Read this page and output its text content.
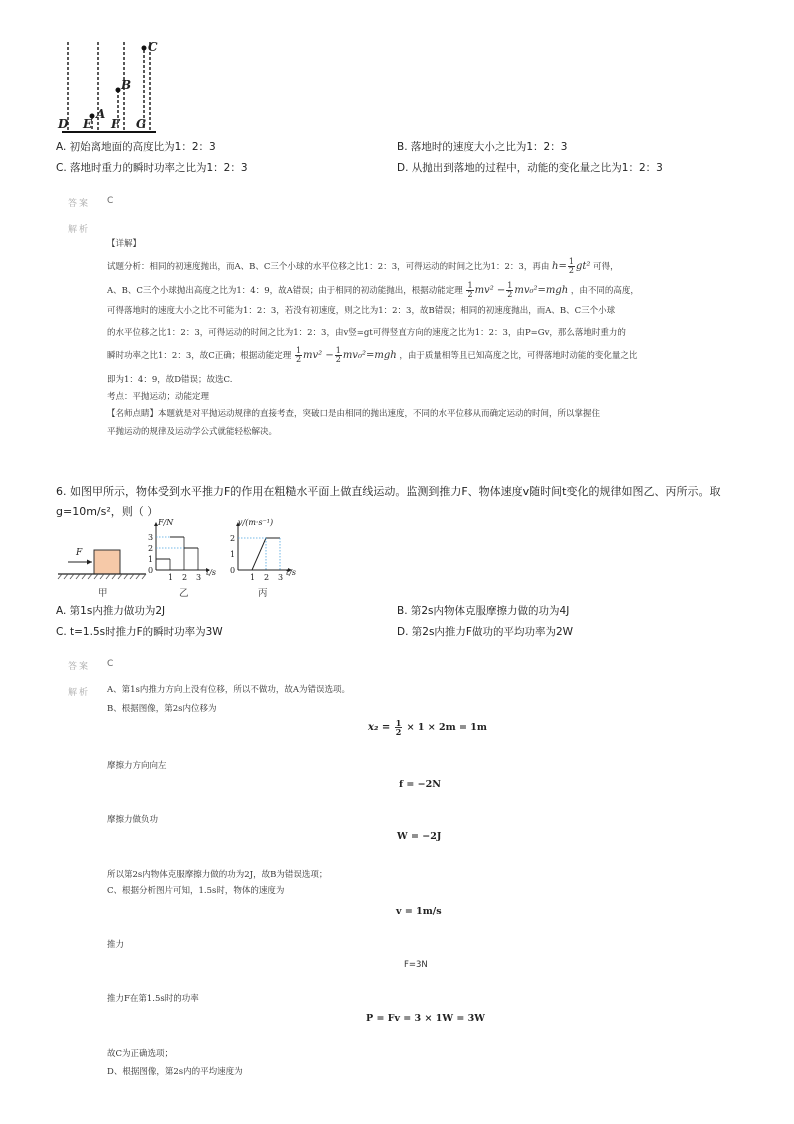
C
B
A
D E F G
A. 初始离地面的高度比为1：2：3	B. 落地时的速度大小之比为1：2：3
C. 落地时重力的瞬时功率之比为1：2：3	D. 从抛出到落地的过程中，动能的变化量之比为1：2：3
答案 C
解析
【详解】
试题分析：相同的初速度抛出，而A、B、C三个小球的水平位移之比1：2：3，可得运动的时间之比为1：2：3，再由 $h= \frac{1}{2} gt^2$ 可得，
A、B、C三个小球抛出高度之比为1：4：9，故A错误；由于相同的初动能抛出，根据动能定理 $\frac{1}{2} mv^2 - \frac{1}{2} mv_0^2=mgh$ ，由不同的高度，
可得落地时的速度大小之比不可能为1：2：3，若没有初速度，则之比为1：2：3，故B错误；相同的初速度抛出，而A、B、C三个小球
的水平位移之比1：2：3，可得运动的时间之比为1：2：3，由v竖=gt可得竖直方向的速度之比为1：2：3，由P=Gv，那么落地时重力的
瞬时功率之比1：2：3，故C正确；根据动能定理 $\frac{1}{2} mv^2 - \frac{1}{2} mv_0^2=mgh$ ，由于质量相等且已知高度之比，可得落地时动能的变化量之比
即为1：4：9，故D错误；故选C.
考点：平抛运动；动能定理
【名师点睛】本题就是对平抛运动规律的直接考查，突破口是由相同的抛出速度，不同的水平位移从而确定运动的时间，所以掌握住
平抛运动的规律及运动学公式就能轻松解决。
6. 如图甲所示，物体受到水平推力F的作用在粗糙水平面上做直线运动。监测到推力F、物体速度v随时间t变化的规律如图乙、丙所示。取
g=10m/s²，则（ ）
F
甲
3
2
1
0
1 2 3
F/N
t/s
乙
2
1
0
1 2 3
v/(m·s⁻¹)
t/s
丙
A. 第1s内推力做功为2J	B. 第2s内物体克服摩擦力做的功为4J
C. t=1.5s时推力F的瞬时功率为3W	D. 第2s内推力F做功的平均功率为2W
答案 C
解析 A、第1s内推力方向上没有位移，所以不做功，故A为错误选项。
B、根据图像，第2s内位移为
$x_2 = \frac{1}{2} \times 1 \times 2m = 1m$
摩擦力方向向左
f = −2N
摩擦力做负功
W = −2J
所以第2s内物体克服摩擦力做的功为2J，故B为错误选项；
C、根据分析图片可知，1.5s时，物体的速度为
v = 1m/s
推力
F=3N
推力F在第1.5s时的功率
P = Fv = 3 × 1W = 3W
故C为正确选项；
D、根据图像，第2s内的平均速度为
